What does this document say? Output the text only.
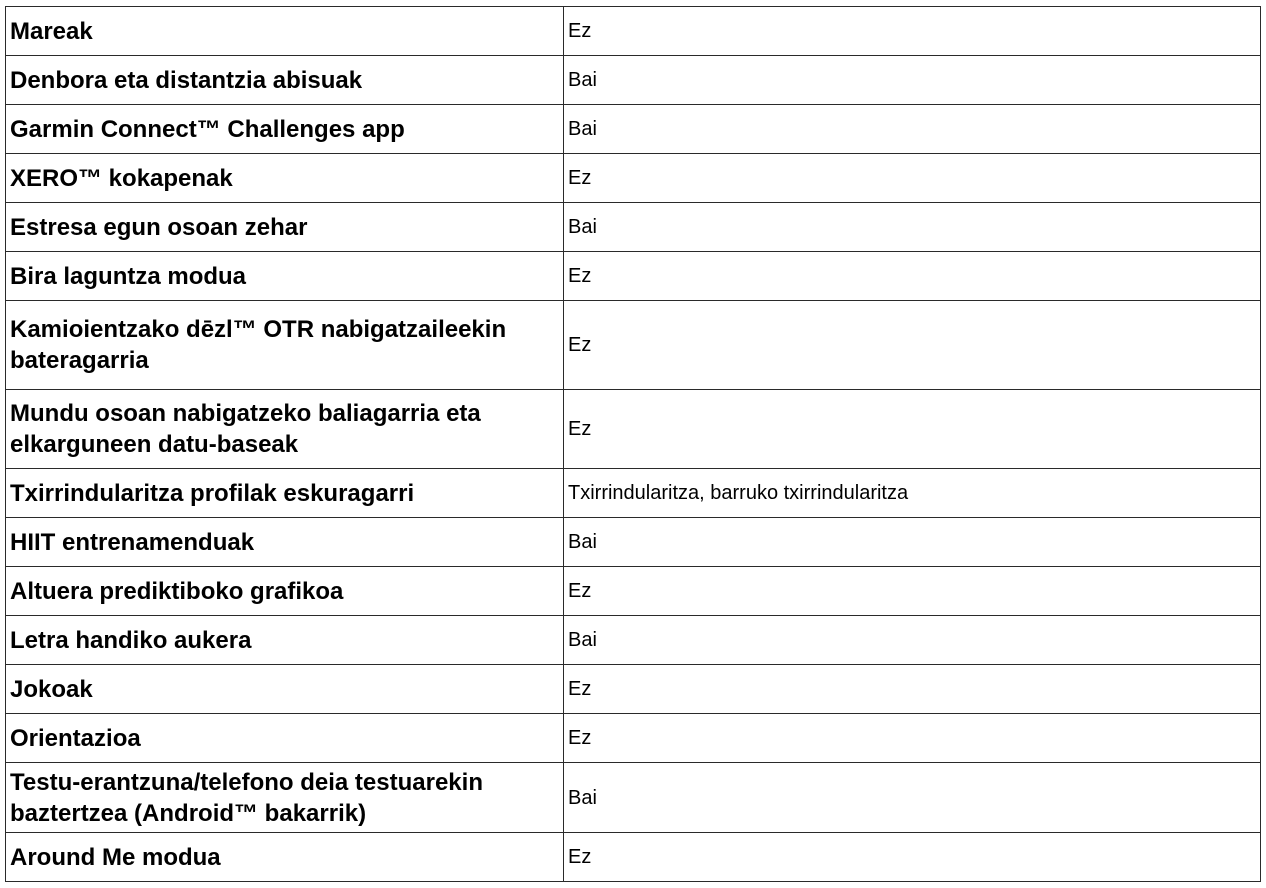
Mareak	Ez
Denbora eta distantzia abisuak	Bai
Garmin Connect™ Challenges app	Bai
XERO™ kokapenak	Ez
Estresa egun osoan zehar	Bai
Bira laguntza modua	Ez
Kamioientzako dēzl™ OTR nabigatzaileekin bateragarria	Ez
Mundu osoan nabigatzeko baliagarria eta elkarguneen datu-baseak	Ez
Txirrindularitza profilak eskuragarri	Txirrindularitza, barruko txirrindularitza
HIIT entrenamenduak	Bai
Altuera prediktiboko grafikoa	Ez
Letra handiko aukera	Bai
Jokoak	Ez
Orientazioa	Ez
Testu-erantzuna/telefono deia testuarekin baztertzea (Android™ bakarrik)	Bai
Around Me modua	Ez
